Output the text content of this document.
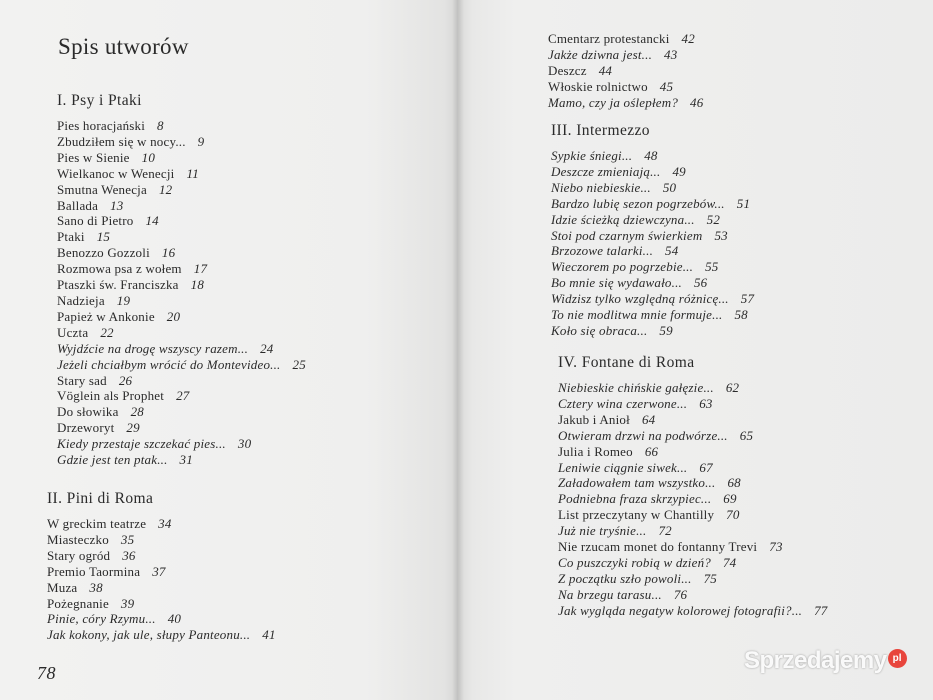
Spis utworów
I. Psy i Ptaki
Pies horacjański 8
Zbudziłem się w nocy... 9
Pies w Sienie 10
Wielkanoc w Wenecji 11
Smutna Wenecja 12
Ballada 13
Sano di Pietro 14
Ptaki 15
Benozzo Gozzoli 16
Rozmowa psa z wołem 17
Ptaszki św. Franciszka 18
Nadzieja 19
Papież w Ankonie 20
Uczta 22
Wyjdźcie na drogę wszyscy razem... 24
Jeżeli chciałbym wrócić do Montevideo... 25
Stary sad 26
Vöglein als Prophet 27
Do słowika 28
Drzeworyt 29
Kiedy przestaje szczekać pies... 30
Gdzie jest ten ptak... 31
II. Pini di Roma
W greckim teatrze 34
Miasteczko 35
Stary ogród 36
Premio Taormina 37
Muza 38
Pożegnanie 39
Pinie, córy Rzymu... 40
Jak kokony, jak ule, słupy Panteonu... 41
78
Cmentarz protestancki 42
Jakże dziwna jest... 43
Deszcz 44
Włoskie rolnictwo 45
Mamo, czy ja oślepłem? 46
III. Intermezzo
Sypkie śniegi... 48
Deszcze zmieniają... 49
Niebo niebieskie... 50
Bardzo lubię sezon pogrzebów... 51
Idzie ścieżką dziewczyna... 52
Stoi pod czarnym świerkiem 53
Brzozowe talarki... 54
Wieczorem po pogrzebie... 55
Bo mnie się wydawało... 56
Widzisz tylko względną różnicę... 57
To nie modlitwa mnie formuje... 58
Koło się obraca... 59
IV. Fontane di Roma
Niebieskie chińskie gałęzie... 62
Cztery wina czerwone... 63
Jakub i Anioł 64
Otwieram drzwi na podwórze... 65
Julia i Romeo 66
Leniwie ciągnie siwek... 67
Załadowałem tam wszystko... 68
Podniebna fraza skrzypiec... 69
List przeczytany w Chantilly 70
Już nie tryśnie... 72
Nie rzucam monet do fontanny Trevi 73
Co puszczyki robią w dzień? 74
Z początku szło powoli... 75
Na brzegu tarasu... 76
Jak wygląda negatyw kolorowej fotografii?... 77
Sprzedajemy pl
